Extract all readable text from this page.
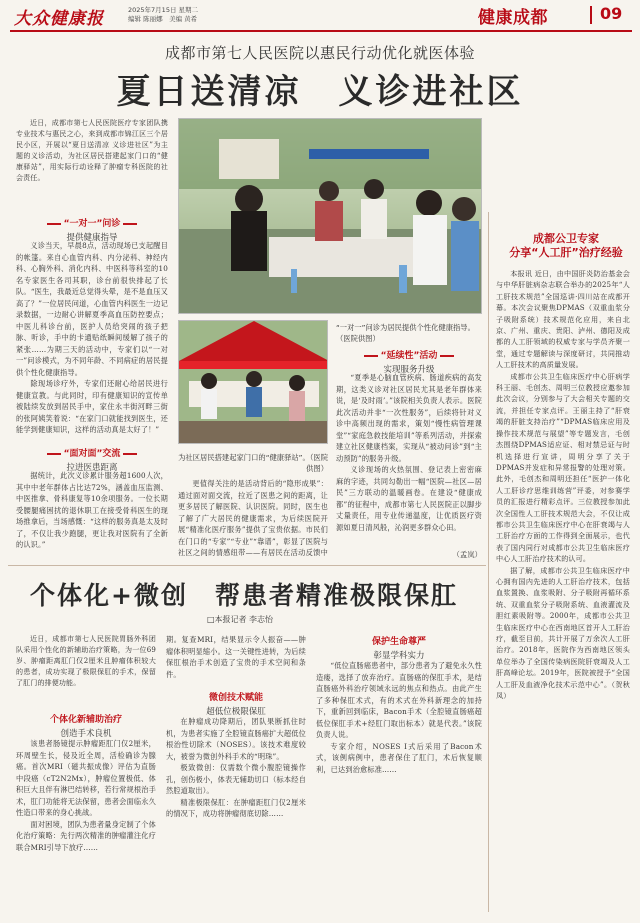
大众健康报	2025年7月15日 星期二
编辑 陈丽娜　 美编 黄希	健康成都	09
成都市第七人民医院以惠民行动优化就医体验
夏日送清凉　义诊进社区

近日，成都市第七人民医院医疗专家团队携专业技术与惠民之心，来到成都市锦江区三个居民小区，开展以“夏日送清凉 义诊进社区”为主题的义诊活动，为社区居民搭建起家门口的“健康驿站”，用实际行动诠释了肿瘤专科医院的社会责任。

“一对一”问诊
提供健康指导

义诊当天，早晨8点，活动现场已支起醒目的帐篷。来自心血管内科、内分泌科、神经内科、心胸外科、消化内科、中医科等科室的10名专家医生各司其职，诊台前很快排起了长队。“医生，我最近总觉得头晕，是不是血压又高了？”一位居民问道，心血管内科医生一边记录数据，一边耐心讲解夏季高血压防控要点；中医儿科诊台前，医护人员给突闹的孩子把脉、听诊，手中的卡通贴纸瞬间缓解了孩子的紧张……为期三天的活动中，专家们以“一对一”问诊模式，为不同年龄、不同病症的居民提供个性化健康指导。

除现场诊疗外，专家们还耐心给居民进行健康宣教。与此同时，印有健康知识的宣传单被陆续发放到居民手中，家住永丰街河畔三街的张阿姨笑着说：“在家门口就能找到医生，还能学到健康知识，这样的活动真是太好了！”

“面对面”交流
拉进医患距离

据统计，此次义诊累计服务超1600人次，其中中老年群体占比达72%，涵盖血压监测、中医推拿、骨科康复等10余项服务。一位长期受腰腿痛困扰的退休职工在接受骨科医生的现场推拿后，当场感慨：“这样的服务真是太及时了，不仅让我少跑腿，更让我对医院有了全新的认识。”

“一对一”问诊为居民提供个性化健康指导。（医院供图）
为社区居民搭建起家门口的“健康驿站”。（医院供图）
“延续性”活动
实现服务升级

“夏季是心脑血管疾病、肠道疾病的高发期，这类义诊对社区居民尤其是老年群体来说，是‘及时雨’。”该院相关负责人表示。医院此次活动并非“一次性服务”，后续将针对义诊中高频出现的需求，策划“慢性病管理课堂”“家庭急救技能培训”等系列活动，并探索建立社区健康档案，实现从“被动问诊”到“主动预防”的服务升级。

义诊现场的火热氛围、登记表上密密麻麻的字迹，共同勾勒出一幅“医院—社区—居民”三方联动的温暖画卷。在建设“健康成都”的征程中，成都市第七人民医院正以脚步丈量责任，用专业传递温度，让优质医疗资源如夏日清风般，沁润更多群众心田。

（孟岚）

更值得关注的是活动背后的“隐形成果”：通过面对面交流，拉近了医患之间的距离，让更多居民了解医院、认识医院。同时，医生也了解了广大居民的健康需求，为后续医院开展“精准化医疗服务”提供了宝贵依据。市民们在门口的“专家”“专业”“靠谱”，彰显了医院与社区之间的情感纽带——有居民在活动反馈中

个体化+微创　帮患者精准极限保肛
□本报记者 李志怡

近日，成都市第七人民医院胃肠外科团队采用个性化的新辅助治疗策略，为一位69岁、肿瘤距离肛门仅2厘米且肿瘤体积较大的患者，成功实现了极限保肛的手术，保留了肛门的排便功能。

个体化新辅助治疗
创造手术良机

该患者肠镜提示肿瘤距肛门仅2厘米，环周壁生长，侵及近全周，活检确诊为腺癌。首次MRI（磁共振成像）评估为直肠中段癌（cT2N2Mx），肿瘤位置极低、体积巨大且伴有淋巴结转移，若行常规根治手术，肛门功能将无法保留，患者会面临永久性造口带来的身心挑战。

面对困境，团队为患者量身定制了个体化治疗策略：先行两次精准的肿瘤灌注化疗联合MRI引导下放疗……

期。复查MRI，结果显示令人振奋——肿瘤体积明显缩小。这一关键性进转，为后续保肛根治手术创造了宝贵的手术空间和条件。

微创技术赋能
超低位极限保肛

在肿瘤成功降期后，团队果断抓住时机，为患者实施了全腔镜直肠癌扩大超低位根治性切除术（NOSES）。该技术难度较大，被誉为微创外科手术的“明珠”。

极致微创：仅需数个微小腹腔镜操作孔，创伤极小，体表无辅助切口（标本经自然腔道取出）。

精准极限保肛：在肿瘤距肛门仅2厘米的情况下，成功将肿瘤彻底切除……

保护生命尊严
彰显学科实力

“低位直肠癌患者中，部分患者为了避免永久性造瘘，选择了放弃治疗。直肠癌的保肛手术，是结直肠癌外科治疗领域永远的焦点和热点。由此产生了多种保肛术式，有的术式在外科新理念的加持下，重新回到临床，Bacon手术（全腔镜直肠癌超低位保肛手术+经肛门取出标本）就是代表。”该院负责人说。

专家介绍，NOSES I式后采用了Bacon术式，该例病例中，患者保住了肛门，术后恢复顺利，已达到治愈标准……

成都公卫专家
分享“人工肝”治疗经验

本报讯 近日，由中国肝炎防治基金会与中华肝脏病杂志联合举办的2025年“人工肝技术规范”全国巡讲·四川站在成都开幕。本次会议聚焦DPMAS（双重血浆分子吸附系统）技术规范化应用，来自北京、广州、重庆、贵阳、泸州、德阳及成都的人工肝领域的权威专家与学员齐聚一堂，通过专题解读与深度研讨，共同推动人工肝技术的高质量发展。

成都市公共卫生临床医疗中心肝病学科王丽、毛创杰、周明三位教授应邀参加此次会议，分别参与了大会相关专题的交流，并担任专家点评。王丽主持了“肝衰竭的肝脏支持治疗”“DPMAS临床应用及操作技术规范与展望”等专题发言，毛创杰围绕DPMAS适应证、相对禁忌证与时机选择进行宣讲，周明分享了关于DPMAS并发症和异常报警的处理对策。此外，毛创杰和周明还担任“医护一体化人工肝诊疗思维训练营”评委，对参赛学员的汇报进行精彩点评。三位教授参加此次全国性人工肝技术规范大会，不仅让成都市公共卫生临床医疗中心在肝衰竭与人工肝治疗方面的工作得到全面展示，也代表了国内同行对成都市公共卫生临床医疗中心人工肝治疗技术的认可。

据了解，成都市公共卫生临床医疗中心拥有国内先进的人工肝治疗技术，包括血浆置换、血浆吸附、分子吸附再循环系统、双重血浆分子吸附系统、血液灌流及胆红素吸附等。2000年，成都市公共卫生临床医疗中心在西南地区首开人工肝治疗，截至目前，共计开展了万余次人工肝治疗。2018年，医院作为西南地区领头单位举办了全国传染病医院肝衰竭及人工肝高峰论坛。2019年，医院被授予“全国人工肝及血液净化技术示范中心”。（贺秋凤）
